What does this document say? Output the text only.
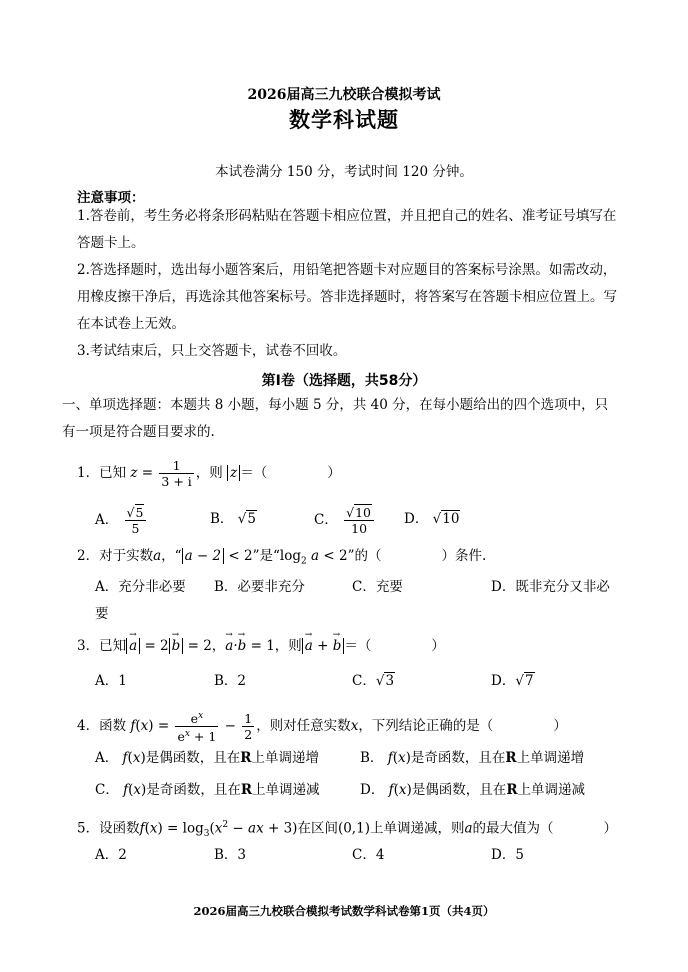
2026届高三九校联合模拟考试
数学科试题
本试卷满分 150 分，考试时间 120 分钟。
注意事项：
1.答卷前，考生务必将条形码粘贴在答题卡相应位置，并且把自己的姓名、准考证号填写在答题卡上。
2.答选择题时，选出每小题答案后，用铅笔把答题卡对应题目的答案标号涂黑。如需改动，用橡皮擦干净后，再选涂其他答案标号。答非选择题时，将答案写在答题卡相应位置上。写在本试卷上无效。
3.考试结束后，只上交答题卡，试卷不回收。
第Ⅰ卷（选择题，共58分）
一、单项选择题：本题共 8 小题，每小题 5 分，共 40 分，在每小题给出的四个选项中，只有一项是符合题目要求的.
1．已知 $z = \frac{1}{3 + i}$ ，则 z ＝（	）
A． $\frac{√5}{5}$	B． √5	C． $\frac{√10}{10}$ D． √10
2．对于实数a，“ a − 2 < 2”是“$\log_2$ a < 2”的（	）条件.
A．充分非必要 B．必要非充分	C．充要	D．既非充分又非必
要
3．已知 → a = 2 → b = 2，→ a·→ b = 1，则 → a + → b ＝（	）
A．1	B．2	C．√3	D．√7
4．函数 $f(x) = \frac{e^x}{e^x + 1} - \frac{1}{2}$ ，则对任意实数x，下列结论正确的是（	）
A． f(x)是偶函数，且在R上单调递增	B． f(x)是奇函数，且在R上单调递增
C． f(x)是奇函数，且在R上单调递减	D． f(x)是偶函数，且在R上单调递减
5．设函数$f(x) = \log_3(x^2$ − ax + 3)在区间(0,1)上单调递减，则a的最大值为（	）
A．2	B．3	C．4	D．5
2026届高三九校联合模拟考试数学科试卷第1页（共4页）
